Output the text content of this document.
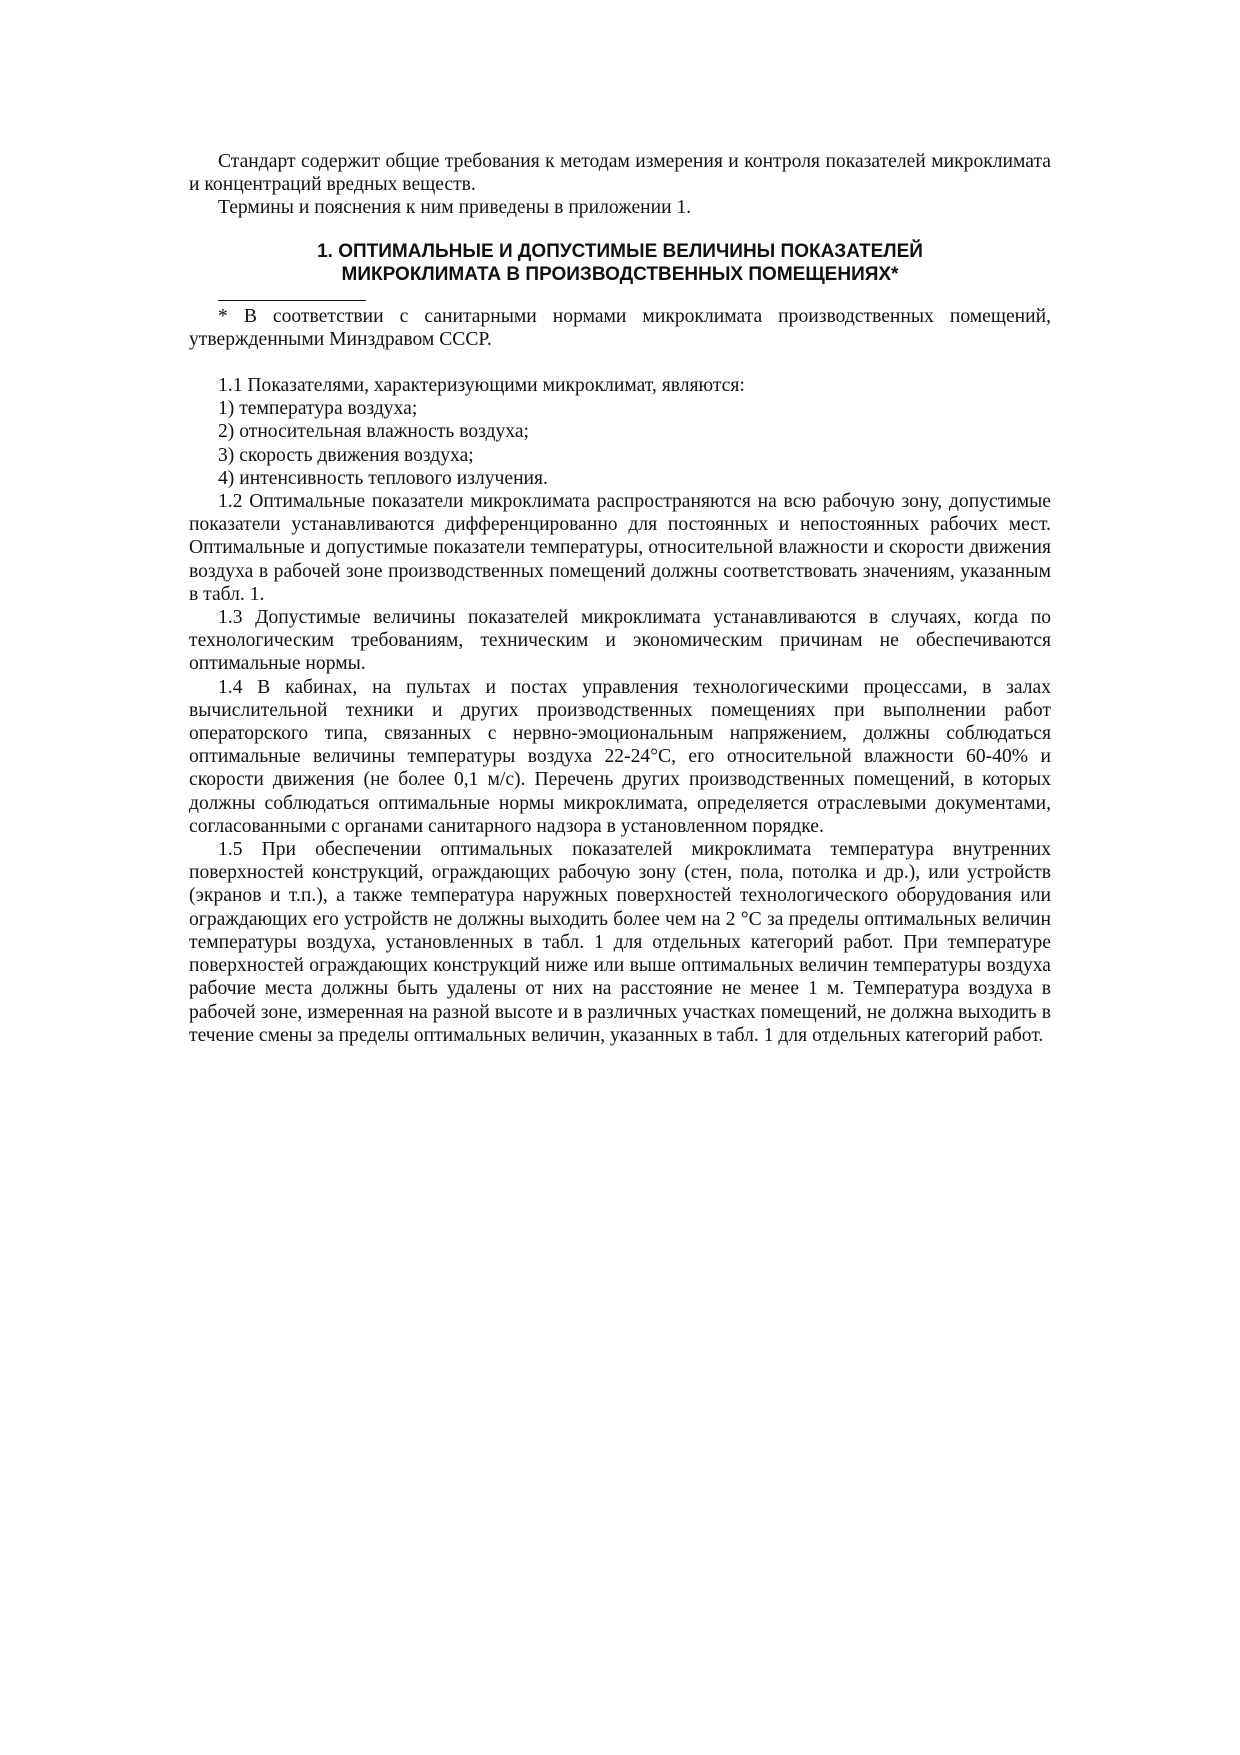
Стандарт содержит общие требования к методам измерения и контроля показателей микроклимата и концентраций вредных веществ.

Термины и пояснения к ним приведены в приложении 1.

1. ОПТИМАЛЬНЫЕ И ДОПУСТИМЫЕ ВЕЛИЧИНЫ ПОКАЗАТЕЛЕЙ
МИКРОКЛИМАТА В ПРОИЗВОДСТВЕННЫХ ПОМЕЩЕНИЯХ*

* В соответствии с санитарными нормами микроклимата производственных помещений, утвержденными Минздравом СССР.

1.1 Показателями, характеризующими микроклимат, являются:

1) температура воздуха;

2) относительная влажность воздуха;

3) скорость движения воздуха;

4) интенсивность теплового излучения.

1.2 Оптимальные показатели микроклимата распространяются на всю рабочую зону, допустимые показатели устанавливаются дифференцированно для постоянных и непостоянных рабочих мест. Оптимальные и допустимые показатели температуры, относительной влажности и скорости движения воздуха в рабочей зоне производственных помещений должны соответствовать значениям, указанным в табл. 1.

1.3 Допустимые величины показателей микроклимата устанавливаются в случаях, когда по технологическим требованиям, техническим и экономическим причинам не обеспечиваются оптимальные нормы.

1.4 В кабинах, на пультах и постах управления технологическими процессами, в залах вычислительной техники и других производственных помещениях при выполнении работ операторского типа, связанных с нервно-эмоциональным напряжением, должны соблюдаться оптимальные величины температуры воздуха 22-24°С, его относительной влажности 60-40% и скорости движения (не более 0,1 м/с). Перечень других производственных помещений, в которых должны соблюдаться оптимальные нормы микроклимата, определяется отраслевыми документами, согласованными с органами санитарного надзора в установленном порядке.

1.5 При обеспечении оптимальных показателей микроклимата температура внутренних поверхностей конструкций, ограждающих рабочую зону (стен, пола, потолка и др.), или устройств (экранов и т.п.), а также температура наружных поверхностей технологического оборудования или ограждающих его устройств не должны выходить более чем на 2 °С за пределы оптимальных величин температуры воздуха, установленных в табл. 1 для отдельных категорий работ. При температуре поверхностей ограждающих конструкций ниже или выше оптимальных величин температуры воздуха рабочие места должны быть удалены от них на расстояние не менее 1 м. Температура воздуха в рабочей зоне, измеренная на разной высоте и в различных участках помещений, не должна выходить в течение смены за пределы оптимальных величин, указанных в табл. 1 для отдельных категорий работ.
